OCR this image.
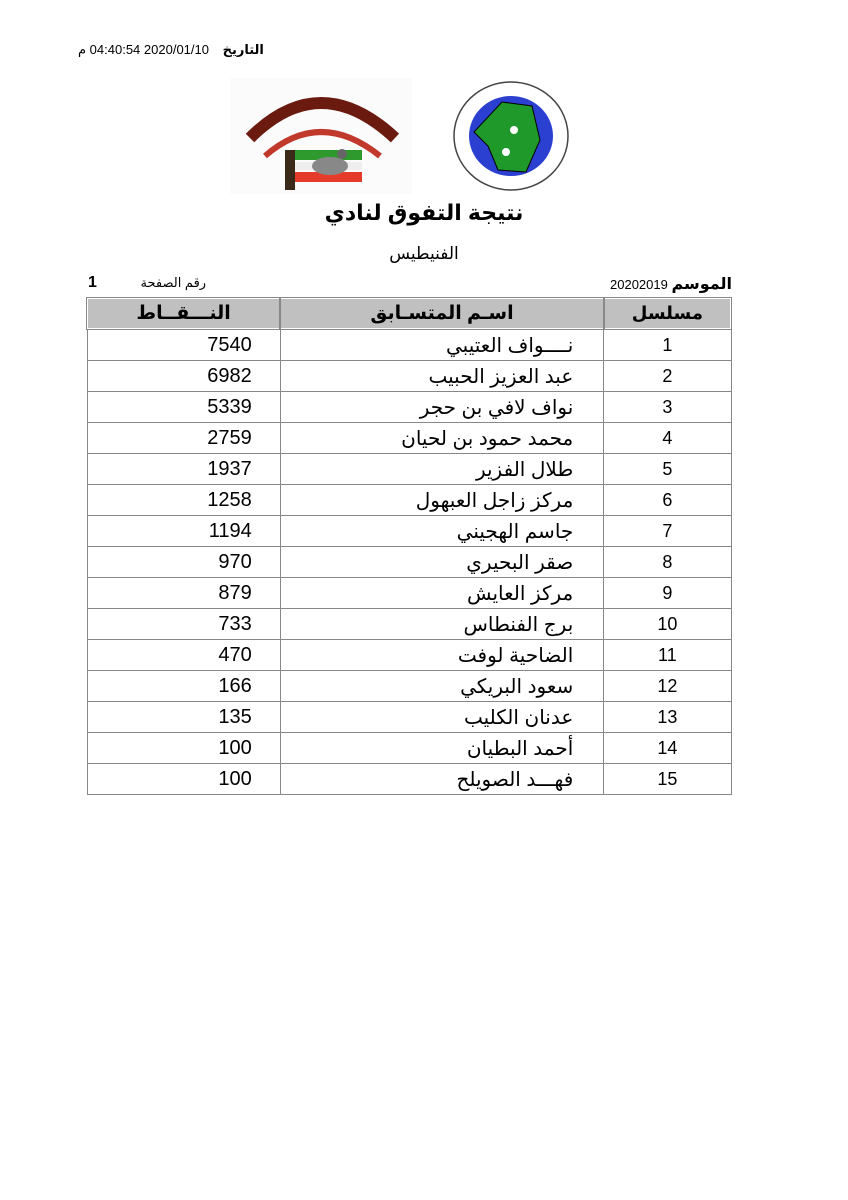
2020/01/10 04:40:54 م التاريخ
نتيجة التفوق لنادي
الفنيطيس
20202019 الموسم
1	رقم الصفحة
النـــقــاط	اسـم المتسـابق	مسلسل
7540	نــــواف العتيبي	1
6982	عبد العزيز الحبيب	2
5339	نواف لافي بن حجر	3
2759	محمد حمود بن لحيان	4
1937	طلال الفزير	5
1258	مركز زاجل العبهول	6
1194	جاسم الهجيني	7
970	صقر البحيري	8
879	مركز العايش	9
733	برج الفنطاس	10
470	الضاحية لوفت	11
166	سعود البريكي	12
135	عدنان الكليب	13
100	أحمد البطيان	14
100	فهـــد الصويلح	15
